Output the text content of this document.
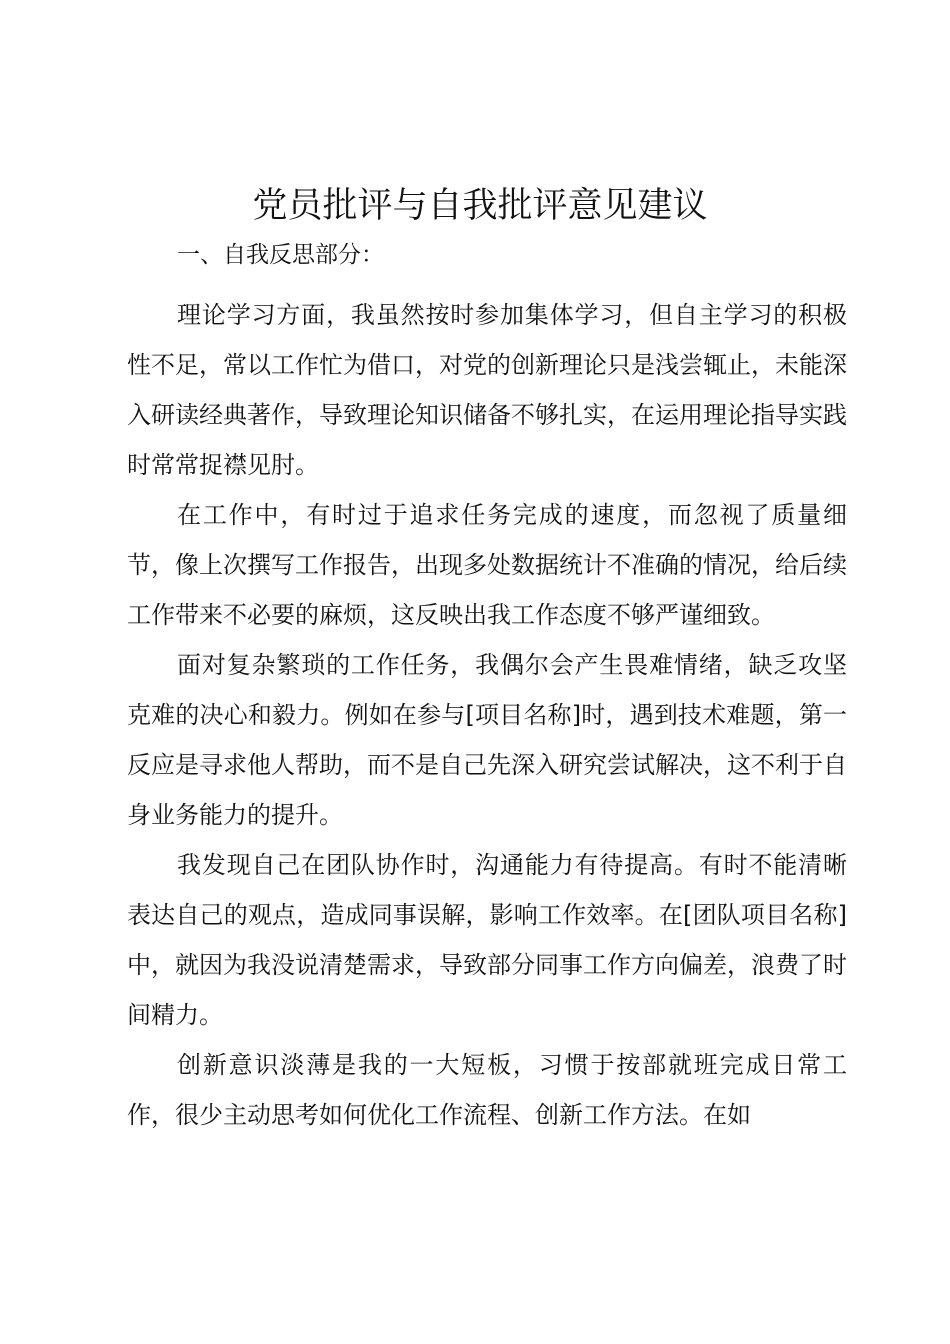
党员批评与自我批评意见建议
一、自我反思部分：

理论学习方面，我虽然按时参加集体学习，但自主学习的积极性不足，常以工作忙为借口，对党的创新理论只是浅尝辄止，未能深入研读经典著作，导致理论知识储备不够扎实，在运用理论指导实践时常常捉襟见肘。

在工作中，有时过于追求任务完成的速度，而忽视了质量细节，像上次撰写工作报告，出现多处数据统计不准确的情况，给后续工作带来不必要的麻烦，这反映出我工作态度不够严谨细致。

面对复杂繁琐的工作任务，我偶尔会产生畏难情绪，缺乏攻坚克难的决心和毅力。例如在参与[项目名称]时，遇到技术难题，第一反应是寻求他人帮助，而不是自己先深入研究尝试解决，这不利于自身业务能力的提升。

我发现自己在团队协作时，沟通能力有待提高。有时不能清晰表达自己的观点，造成同事误解，影响工作效率。在[团队项目名称]中，就因为我没说清楚需求，导致部分同事工作方向偏差，浪费了时间精力。

创新意识淡薄是我的一大短板，习惯于按部就班完成日常工作，很少主动思考如何优化工作流程、创新工作方法。在如
